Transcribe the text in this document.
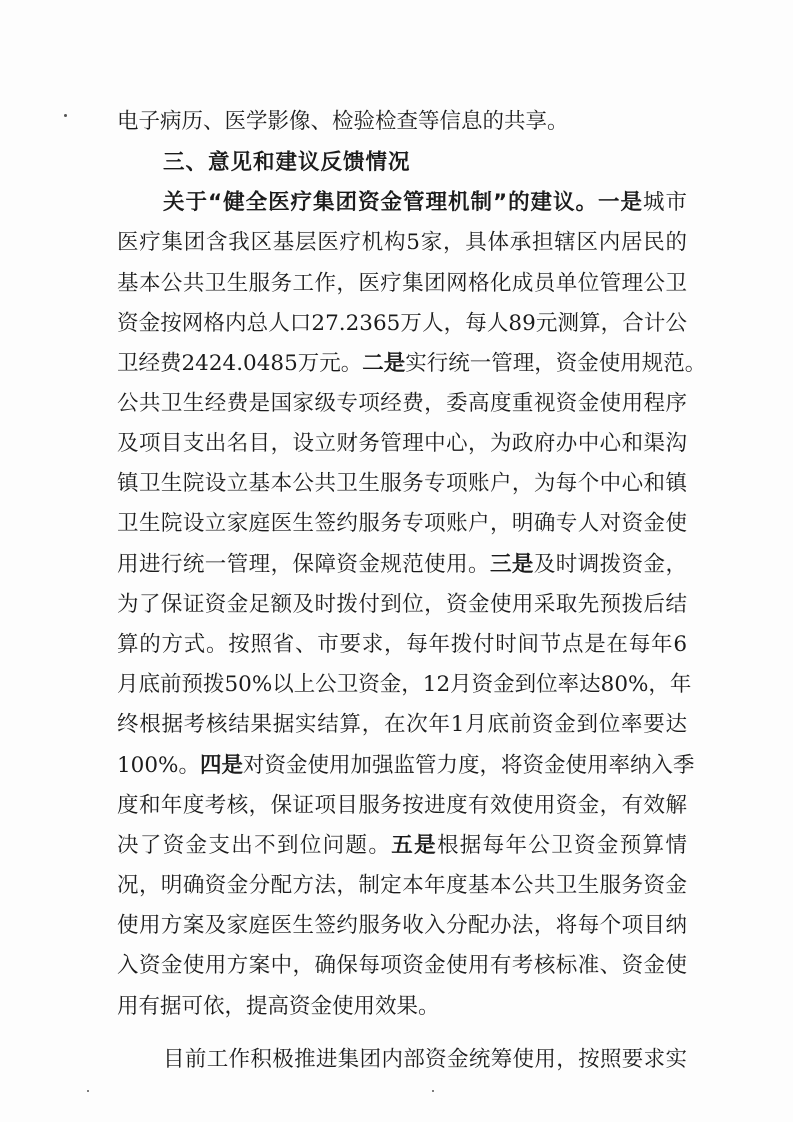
电子病历、医学影像、检验检查等信息的共享。
三、意见和建议反馈情况
关于“健全医疗集团资金管理机制”的建议。一是城市
医疗集团含我区基层医疗机构5家，具体承担辖区内居民的
基本公共卫生服务工作，医疗集团网格化成员单位管理公卫
资金按网格内总人口27.2365万人，每人89元测算，合计公
卫经费2424.0485万元。二是实行统一管理，资金使用规范。
公共卫生经费是国家级专项经费，委高度重视资金使用程序
及项目支出名目，设立财务管理中心，为政府办中心和渠沟
镇卫生院设立基本公共卫生服务专项账户，为每个中心和镇
卫生院设立家庭医生签约服务专项账户，明确专人对资金使
用进行统一管理，保障资金规范使用。三是及时调拨资金，
为了保证资金足额及时拨付到位，资金使用采取先预拨后结
算的方式。按照省、市要求，每年拨付时间节点是在每年6
月底前预拨50%以上公卫资金，12月资金到位率达80%，年
终根据考核结果据实结算，在次年1月底前资金到位率要达
100%。四是对资金使用加强监管力度，将资金使用率纳入季
度和年度考核，保证项目服务按进度有效使用资金，有效解
决了资金支出不到位问题。五是根据每年公卫资金预算情
况，明确资金分配方法，制定本年度基本公共卫生服务资金
使用方案及家庭医生签约服务收入分配办法，将每个项目纳
入资金使用方案中，确保每项资金使用有考核标准、资金使
用有据可依，提高资金使用效果。
目前工作积极推进集团内部资金统筹使用，按照要求实
